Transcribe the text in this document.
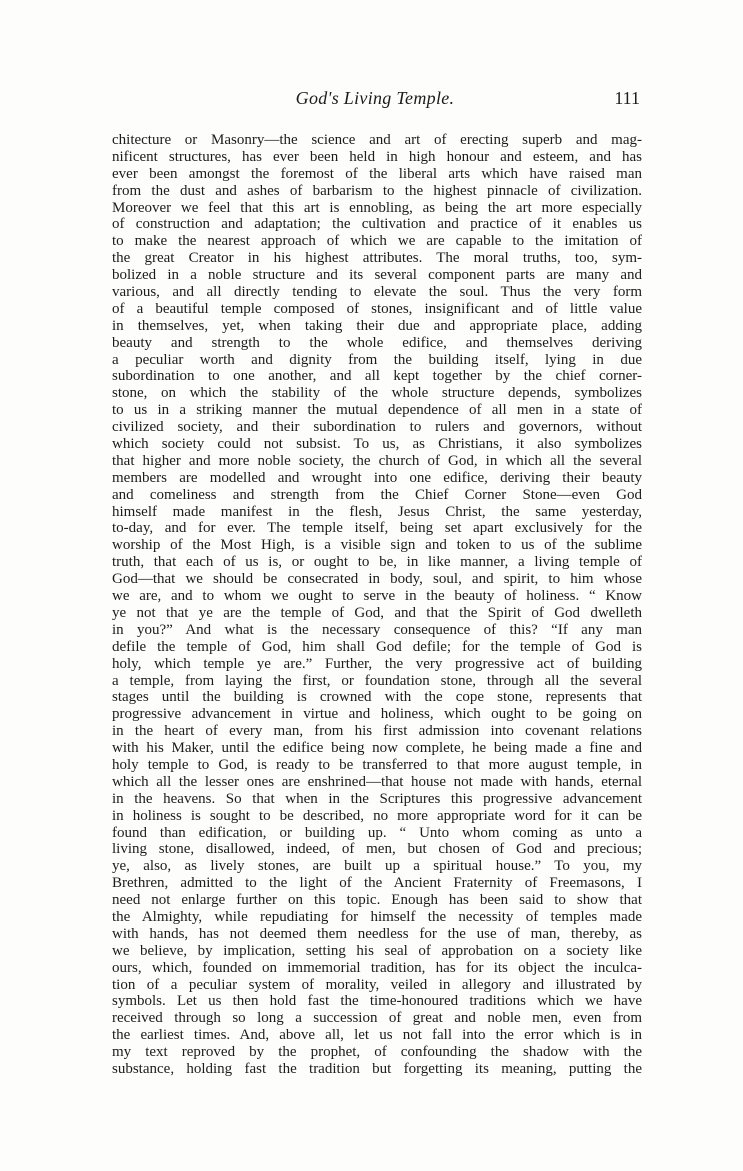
God's Living Temple.	111
chitecture or Masonry—the science and art of erecting superb and mag-
nificent structures, has ever been held in high honour and esteem, and has
ever been amongst the foremost of the liberal arts which have raised man
from the dust and ashes of barbarism to the highest pinnacle of civilization.
Moreover we feel that this art is ennobling, as being the art more especially
of construction and adaptation; the cultivation and practice of it enables us
to make the nearest approach of which we are capable to the imitation of
the great Creator in his highest attributes. The moral truths, too, sym-
bolized in a noble structure and its several component parts are many and
various, and all directly tending to elevate the soul. Thus the very form
of a beautiful temple composed of stones, insignificant and of little value
in themselves, yet, when taking their due and appropriate place, adding
beauty and strength to the whole edifice, and themselves deriving
a peculiar worth and dignity from the building itself, lying in due
subordination to one another, and all kept together by the chief corner-
stone, on which the stability of the whole structure depends, symbolizes
to us in a striking manner the mutual dependence of all men in a state of
civilized society, and their subordination to rulers and governors, without
which society could not subsist. To us, as Christians, it also symbolizes
that higher and more noble society, the church of God, in which all the several
members are modelled and wrought into one edifice, deriving their beauty
and comeliness and strength from the Chief Corner Stone—even God
himself made manifest in the flesh, Jesus Christ, the same yesterday,
to-day, and for ever. The temple itself, being set apart exclusively for the
worship of the Most High, is a visible sign and token to us of the sublime
truth, that each of us is, or ought to be, in like manner, a living temple of
God—that we should be consecrated in body, soul, and spirit, to him whose
we are, and to whom we ought to serve in the beauty of holiness. “ Know
ye not that ye are the temple of God, and that the Spirit of God dwelleth
in you?” And what is the necessary consequence of this? “If any man
defile the temple of God, him shall God defile; for the temple of God is
holy, which temple ye are.” Further, the very progressive act of building
a temple, from laying the first, or foundation stone, through all the several
stages until the building is crowned with the cope stone, represents that
progressive advancement in virtue and holiness, which ought to be going on
in the heart of every man, from his first admission into covenant relations
with his Maker, until the edifice being now complete, he being made a fine and
holy temple to God, is ready to be transferred to that more august temple, in
which all the lesser ones are enshrined—that house not made with hands, eternal
in the heavens. So that when in the Scriptures this progressive advancement
in holiness is sought to be described, no more appropriate word for it can be
found than edification, or building up. “ Unto whom coming as unto a
living stone, disallowed, indeed, of men, but chosen of God and precious;
ye, also, as lively stones, are built up a spiritual house.” To you, my
Brethren, admitted to the light of the Ancient Fraternity of Freemasons, I
need not enlarge further on this topic. Enough has been said to show that
the Almighty, while repudiating for himself the necessity of temples made
with hands, has not deemed them needless for the use of man, thereby, as
we believe, by implication, setting his seal of approbation on a society like
ours, which, founded on immemorial tradition, has for its object the inculca-
tion of a peculiar system of morality, veiled in allegory and illustrated by
symbols. Let us then hold fast the time-honoured traditions which we have
received through so long a succession of great and noble men, even from
the earliest times. And, above all, let us not fall into the error which is in
my text reproved by the prophet, of confounding the shadow with the
substance, holding fast the tradition but forgetting its meaning, putting the
